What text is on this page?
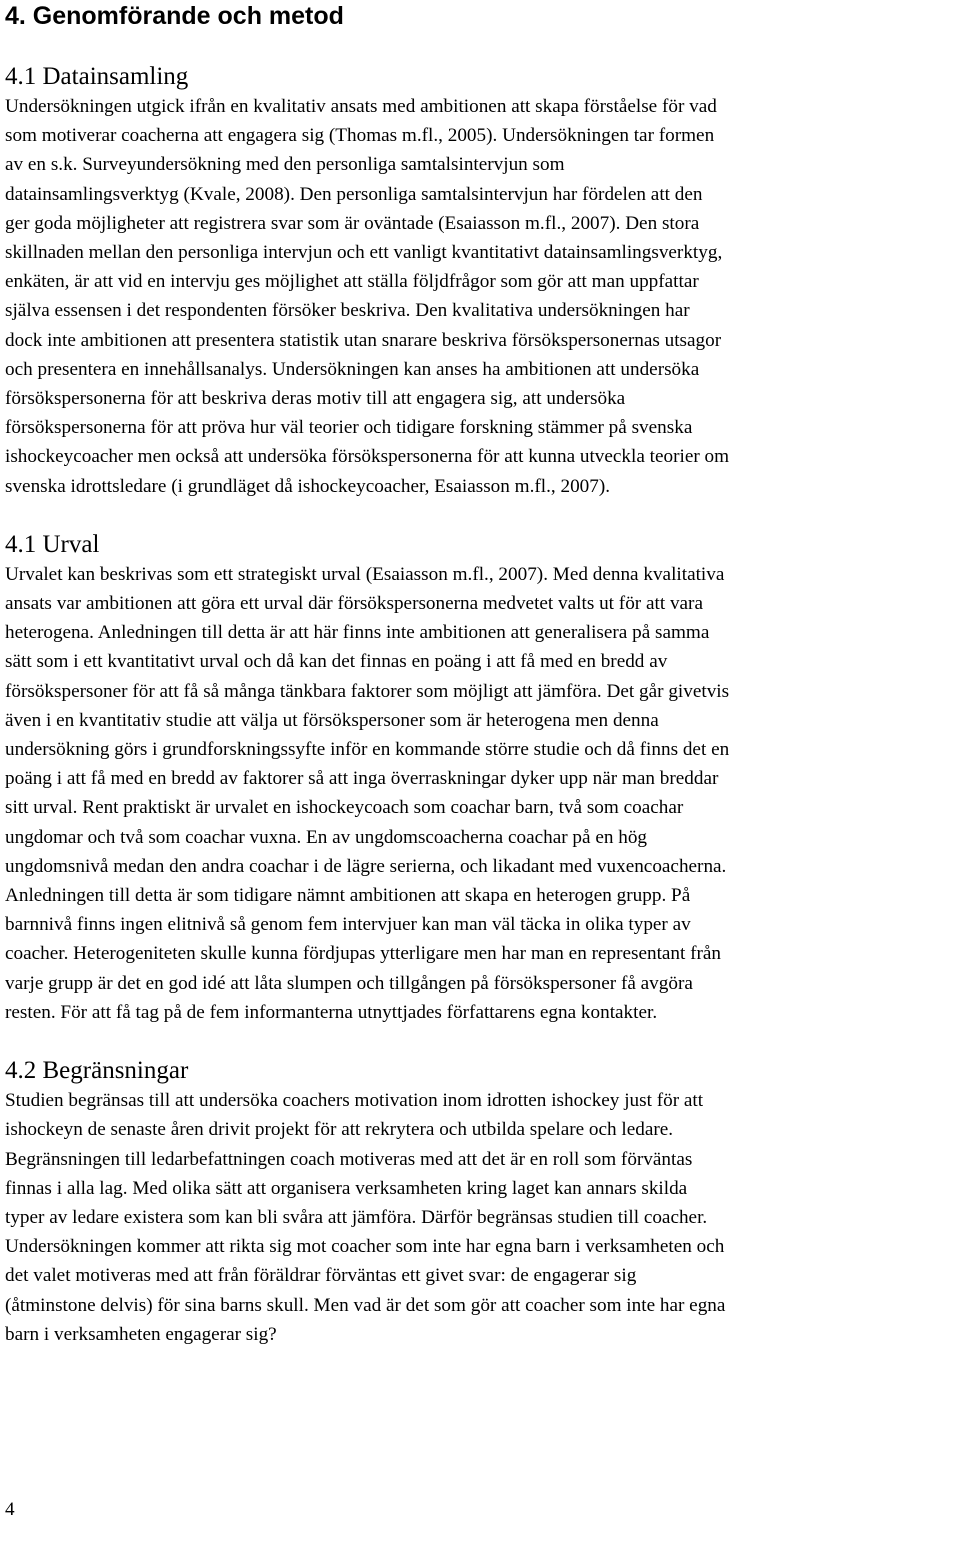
4. Genomförande och metod
4.1 Datainsamling

Undersökningen utgick ifrån en kvalitativ ansats med ambitionen att skapa förståelse för vad
som motiverar coacherna att engagera sig (Thomas m.fl., 2005). Undersökningen tar formen
av en s.k. Surveyundersökning med den personliga samtalsintervjun som
datainsamlingsverktyg (Kvale, 2008). Den personliga samtalsintervjun har fördelen att den
ger goda möjligheter att registrera svar som är oväntade (Esaiasson m.fl., 2007). Den stora
skillnaden mellan den personliga intervjun och ett vanligt kvantitativt datainsamlingsverktyg,
enkäten, är att vid en intervju ges möjlighet att ställa följdfrågor som gör att man uppfattar
själva essensen i det respondenten försöker beskriva. Den kvalitativa undersökningen har
dock inte ambitionen att presentera statistik utan snarare beskriva försökspersonernas utsagor
och presentera en innehållsanalys. Undersökningen kan anses ha ambitionen att undersöka
försökspersonerna för att beskriva deras motiv till att engagera sig, att undersöka
försökspersonerna för att pröva hur väl teorier och tidigare forskning stämmer på svenska
ishockeycoacher men också att undersöka försökspersonerna för att kunna utveckla teorier om
svenska idrottsledare (i grundläget då ishockeycoacher, Esaiasson m.fl., 2007).

4.1 Urval

Urvalet kan beskrivas som ett strategiskt urval (Esaiasson m.fl., 2007). Med denna kvalitativa
ansats var ambitionen att göra ett urval där försökspersonerna medvetet valts ut för att vara
heterogena. Anledningen till detta är att här finns inte ambitionen att generalisera på samma
sätt som i ett kvantitativt urval och då kan det finnas en poäng i att få med en bredd av
försökspersoner för att få så många tänkbara faktorer som möjligt att jämföra. Det går givetvis
även i en kvantitativ studie att välja ut försökspersoner som är heterogena men denna
undersökning görs i grundforskningssyfte inför en kommande större studie och då finns det en
poäng i att få med en bredd av faktorer så att inga överraskningar dyker upp när man breddar
sitt urval. Rent praktiskt är urvalet en ishockeycoach som coachar barn, två som coachar
ungdomar och två som coachar vuxna. En av ungdomscoacherna coachar på en hög
ungdomsnivå medan den andra coachar i de lägre serierna, och likadant med vuxencoacherna.
Anledningen till detta är som tidigare nämnt ambitionen att skapa en heterogen grupp. På
barnnivå finns ingen elitnivå så genom fem intervjuer kan man väl täcka in olika typer av
coacher. Heterogeniteten skulle kunna fördjupas ytterligare men har man en representant från
varje grupp är det en god idé att låta slumpen och tillgången på försökspersoner få avgöra
resten. För att få tag på de fem informanterna utnyttjades författarens egna kontakter.

4.2 Begränsningar

Studien begränsas till att undersöka coachers motivation inom idrotten ishockey just för att
ishockeyn de senaste åren drivit projekt för att rekrytera och utbilda spelare och ledare.
Begränsningen till ledarbefattningen coach motiveras med att det är en roll som förväntas
finnas i alla lag. Med olika sätt att organisera verksamheten kring laget kan annars skilda
typer av ledare existera som kan bli svåra att jämföra. Därför begränsas studien till coacher.
Undersökningen kommer att rikta sig mot coacher som inte har egna barn i verksamheten och
det valet motiveras med att från föräldrar förväntas ett givet svar: de engagerar sig
(åtminstone delvis) för sina barns skull. Men vad är det som gör att coacher som inte har egna
barn i verksamheten engagerar sig?

4
